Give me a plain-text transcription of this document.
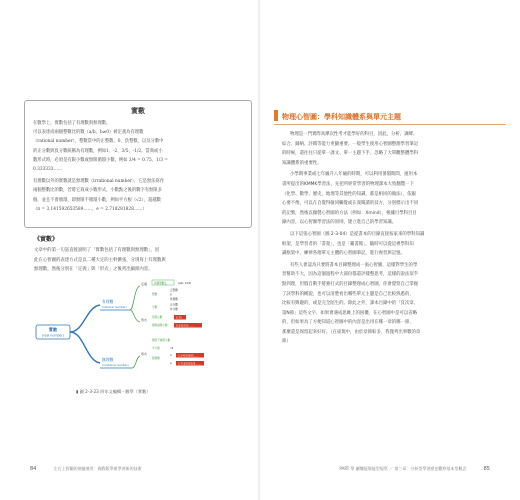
實數
在數學上，實數包括了有理數與無理數。
可以表達成兩個整數比的數（a/b，b≠0）被定義為有理數
（rational number），整數當中的正整數、0、負整數，以及分數中
的正分數與負分數統稱為有理數，例如1、-2、3/5、-1/2。當商或小
數形式時，必須是有限小數或無限循環小數，例如 3/4 = 0.75、1/3 =
0.333333……
有理數以外的實數就是無理數（irrational number），它是無法寫作
兩個整數比的數，若將它寫成小數形式，小數點之後的數字有無限多
個，並且不會循環，即無限不循環小數，例如平方根（√2），超越數
（π = 3.141592653589……，e = 2.718281828……）
《實數》

文章中的第一句話直接說明了「實數包括了有理數與無理數」，因

此在心智圖的表達方式是以二種大定的主幹擴張，分別寫上有理數與

無理數。然後分別在「定義」與「形式」之後列出細節內容。

實數
(real number)
有理數
(rational number)
定義
形式
兩個整數比	(a/b, b≠0)
整數
正整數
0
負整數
分數
正分數
負分數
有限小數	0.75
無限循環小數	0.333333……
無理數
(irrational number)
形式
無限不循環小數
平方根	√2
超越數
π 3.14159265……
e 2.718281828……
▮ 圖 2-3-23 四年文編輯－數學（實數）
84	左右上智圖的便捷運用：國際版學報學習新的技術
物理心智圖：學科知識體系與單元主題

物理是一門實際高爆次性考才能學好的科目，因此，分析、調縛、

綜合、歸納、評價等能力更顯重要。一般學生使用心智圖整理學習筆記

的時候，還往往只從單一課文、單一主題下手，忽略了大單觀整體學科

知識體系的重要性。

小學期事業或七年級升八年級的時期，可以利用暑假期間，運用本

書所提出的KMMK學習法，先把所經常學習的物理課本大致翻覽一下

（化學、數學、歷史、地理等其他性的知識，都是相同的做法），依親

心要不像，可以在自覺得敏同觸覺或在義閱讀的技方，分別標示出不同

的記號，然後以擷製心智圖的方法（例如：Xmind），根據目學科目目

錄內容，以心智圖學習法的原則，建立進自己的學習知識。

以下這張心智圖（圖 2-3-04）是從書本的目錄直接按家來的學科知識

框架，是學習者的「書架」，也是「藏書館」，隨時可以從這裡學科知

識框架中，練律各理單元主體的心智圖筆記，進行複習與記憶。

有些人會認為只要將書本目錄整理成一張心智圖，這樣對學生的學

習幫助不大，因為這個過程中大部份都還評樣整思考，這樣的說法似乎

點到理，但假自動手將強打式的目錄整理成心智圖，你會覺察自己掌握

了該學科的概貌，也可以清楚看出哪些單元主題是自己比較熟悉的，

比較有興趣的，或是完全陌生的。除此之外，課本目錄中的「頁次章、

第N節」這些文字，如果會遇成思維上的困擾，在心智圖中是可以省略

的，但如果為了方便知道心智圖中的內容是出用在哪一章的哪一節，

那麼還是保留起來好好。（在東現中，由於章節較多，我僅列出事數的章

節）

PART 學 屬魏能與能型規學 ／ 第三章：分析型學習歷史觀察基本型概念	85
